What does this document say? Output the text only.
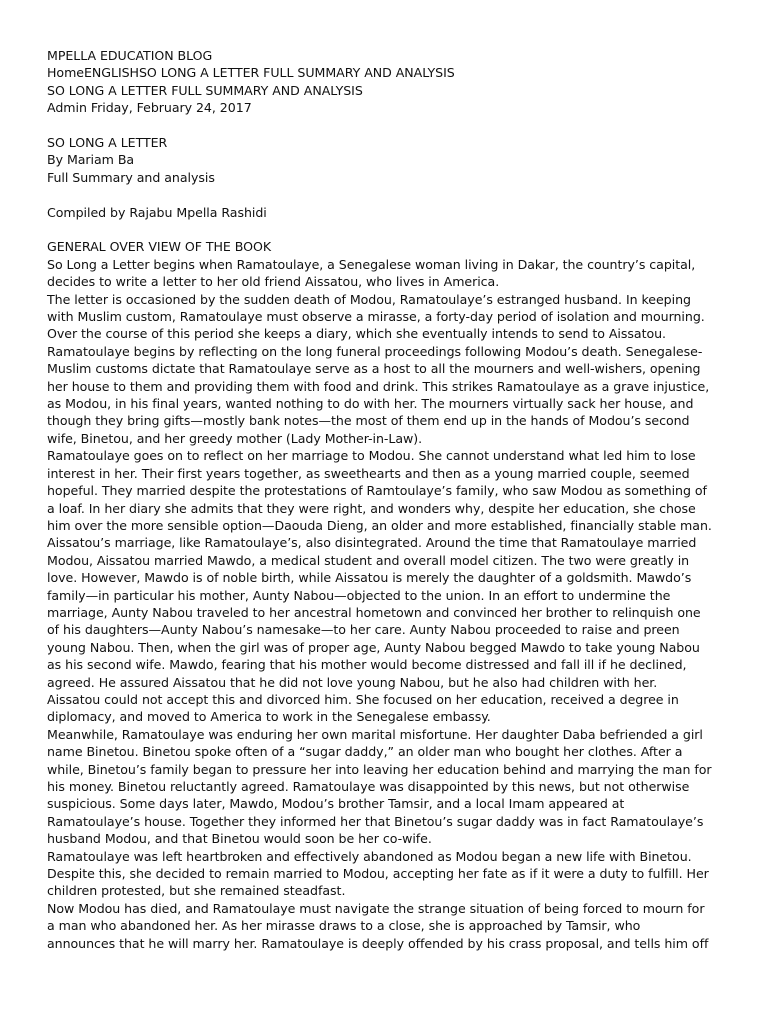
MPELLA EDUCATION BLOG
HomeENGLISHSO LONG A LETTER FULL SUMMARY AND ANALYSIS
SO LONG A LETTER FULL SUMMARY AND ANALYSIS
Admin Friday, February 24, 2017
SO LONG A LETTER
By Mariam Ba
Full Summary and analysis
Compiled by Rajabu Mpella Rashidi
GENERAL OVER VIEW OF THE BOOK
So Long a Letter begins when Ramatoulaye, a Senegalese woman living in Dakar, the country’s capital,
decides to write a letter to her old friend Aissatou, who lives in America.
The letter is occasioned by the sudden death of Modou, Ramatoulaye’s estranged husband. In keeping
with Muslim custom, Ramatoulaye must observe a mirasse, a forty-day period of isolation and mourning.
Over the course of this period she keeps a diary, which she eventually intends to send to Aissatou.
Ramatoulaye begins by reflecting on the long funeral proceedings following Modou’s death. Senegalese-
Muslim customs dictate that Ramatoulaye serve as a host to all the mourners and well-wishers, opening
her house to them and providing them with food and drink. This strikes Ramatoulaye as a grave injustice,
as Modou, in his final years, wanted nothing to do with her. The mourners virtually sack her house, and
though they bring gifts—mostly bank notes—the most of them end up in the hands of Modou’s second
wife, Binetou, and her greedy mother (Lady Mother-in-Law).
Ramatoulaye goes on to reflect on her marriage to Modou. She cannot understand what led him to lose
interest in her. Their first years together, as sweethearts and then as a young married couple, seemed
hopeful. They married despite the protestations of Ramtoulaye’s family, who saw Modou as something of
a loaf. In her diary she admits that they were right, and wonders why, despite her education, she chose
him over the more sensible option—Daouda Dieng, an older and more established, financially stable man.
Aissatou’s marriage, like Ramatoulaye’s, also disintegrated. Around the time that Ramatoulaye married
Modou, Aissatou married Mawdo, a medical student and overall model citizen. The two were greatly in
love. However, Mawdo is of noble birth, while Aissatou is merely the daughter of a goldsmith. Mawdo’s
family—in particular his mother, Aunty Nabou—objected to the union. In an effort to undermine the
marriage, Aunty Nabou traveled to her ancestral hometown and convinced her brother to relinquish one
of his daughters—Aunty Nabou’s namesake—to her care. Aunty Nabou proceeded to raise and preen
young Nabou. Then, when the girl was of proper age, Aunty Nabou begged Mawdo to take young Nabou
as his second wife. Mawdo, fearing that his mother would become distressed and fall ill if he declined,
agreed. He assured Aissatou that he did not love young Nabou, but he also had children with her.
Aissatou could not accept this and divorced him. She focused on her education, received a degree in
diplomacy, and moved to America to work in the Senegalese embassy.
Meanwhile, Ramatoulaye was enduring her own marital misfortune. Her daughter Daba befriended a girl
name Binetou. Binetou spoke often of a “sugar daddy,” an older man who bought her clothes. After a
while, Binetou’s family began to pressure her into leaving her education behind and marrying the man for
his money. Binetou reluctantly agreed. Ramatoulaye was disappointed by this news, but not otherwise
suspicious. Some days later, Mawdo, Modou’s brother Tamsir, and a local Imam appeared at
Ramatoulaye’s house. Together they informed her that Binetou’s sugar daddy was in fact Ramatoulaye’s
husband Modou, and that Binetou would soon be her co-wife.
Ramatoulaye was left heartbroken and effectively abandoned as Modou began a new life with Binetou.
Despite this, she decided to remain married to Modou, accepting her fate as if it were a duty to fulfill. Her
children protested, but she remained steadfast.
Now Modou has died, and Ramatoulaye must navigate the strange situation of being forced to mourn for
a man who abandoned her. As her mirasse draws to a close, she is approached by Tamsir, who
announces that he will marry her. Ramatoulaye is deeply offended by his crass proposal, and tells him off
